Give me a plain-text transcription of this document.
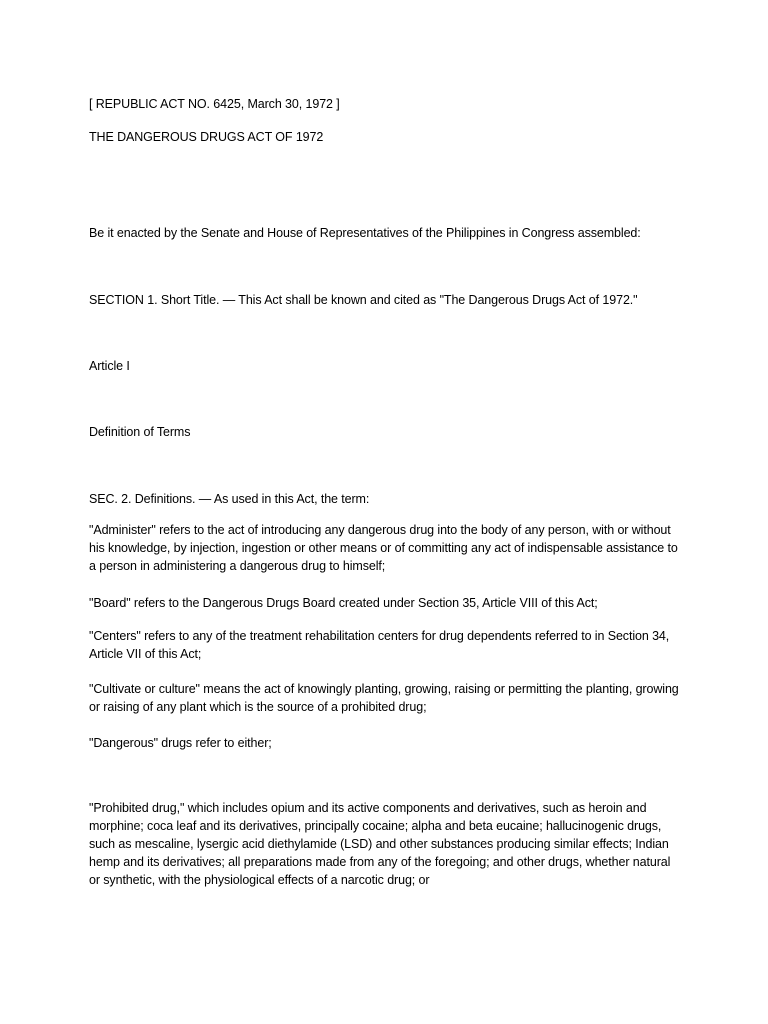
[ REPUBLIC ACT NO. 6425, March 30, 1972 ]

THE DANGEROUS DRUGS ACT OF 1972

Be it enacted by the Senate and House of Representatives of the Philippines in Congress assembled:

SECTION 1. Short Title. — This Act shall be known and cited as "The Dangerous Drugs Act of 1972."

Article I

Definition of Terms

SEC. 2. Definitions. — As used in this Act, the term:

"Administer" refers to the act of introducing any dangerous drug into the body of any person, with or without his knowledge, by injection, ingestion or other means or of committing any act of indispensable assistance to a person in administering a dangerous drug to himself;

"Board" refers to the Dangerous Drugs Board created under Section 35, Article VIII of this Act;

"Centers" refers to any of the treatment rehabilitation centers for drug dependents referred to in Section 34, Article VII of this Act;

"Cultivate or culture" means the act of knowingly planting, growing, raising or permitting the planting, growing or raising of any plant which is the source of a prohibited drug;

"Dangerous" drugs refer to either;

"Prohibited drug," which includes opium and its active components and derivatives, such as heroin and morphine; coca leaf and its derivatives, principally cocaine; alpha and beta eucaine; hallucinogenic drugs, such as mescaline, lysergic acid diethylamide (LSD) and other substances producing similar effects; Indian hemp and its derivatives; all preparations made from any of the foregoing; and other drugs, whether natural or synthetic, with the physiological effects of a narcotic drug; or
